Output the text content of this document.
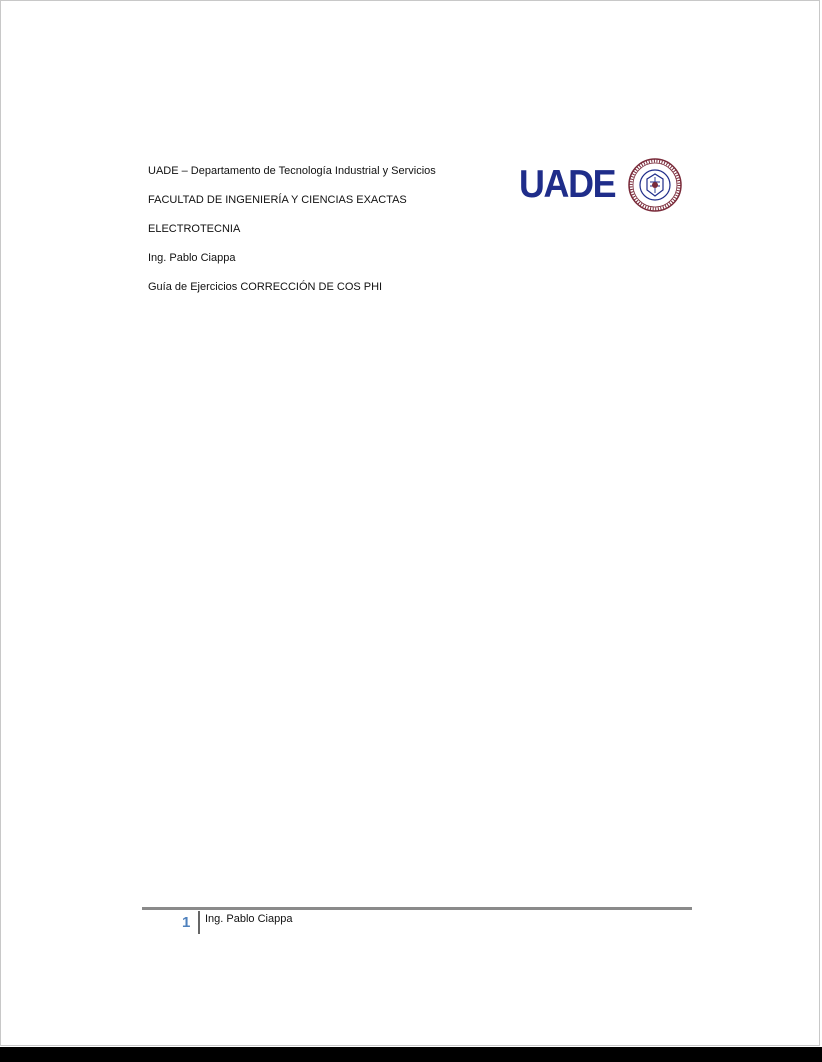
UADE – Departamento de Tecnología Industrial y Servicios
FACULTAD DE INGENIERÍA Y CIENCIAS EXACTAS
ELECTROTECNIA
Ing. Pablo Ciappa
Guía de Ejercicios CORRECCIÓN DE COS PHI
UADE
1 Ing. Pablo Ciappa
